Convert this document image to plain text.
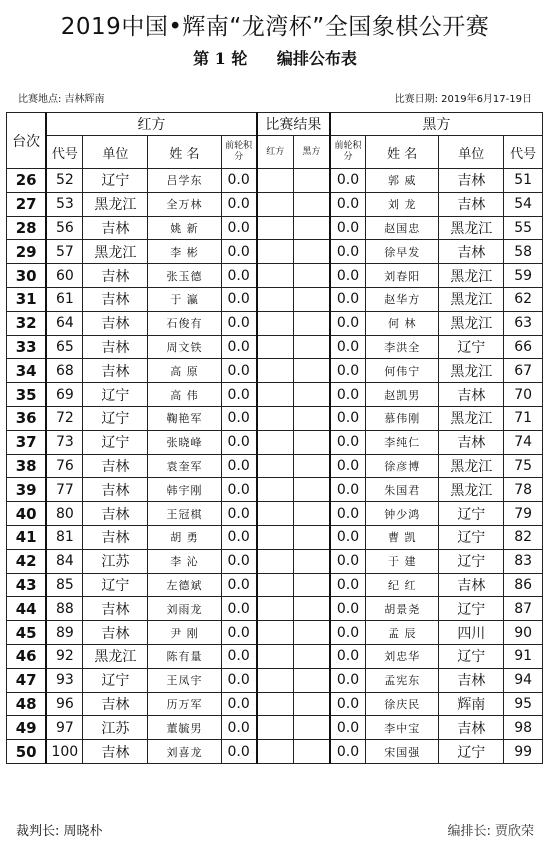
2019中国•辉南“龙湾杯”全国象棋公开赛
第 1 轮 编排公布表
比赛地点: 吉林辉南	比赛日期: 2019年6月17-19日
台次	红方				比赛结果		黑方			
	代号	单位	姓 名	前轮积分	红方	黑方	前轮积分	姓 名	单位	代号
26	52	辽宁	吕学东	0.0			0.0	郭 威	吉林	51
27	53	黑龙江	全万林	0.0			0.0	刘 龙	吉林	54
28	56	吉林	姚 新	0.0			0.0	赵国忠	黑龙江	55
29	57	黑龙江	李 彬	0.0			0.0	徐早发	吉林	58
30	60	吉林	张玉德	0.0			0.0	刘春阳	黑龙江	59
31	61	吉林	于 瀛	0.0			0.0	赵华方	黑龙江	62
32	64	吉林	石俊有	0.0			0.0	何 林	黑龙江	63
33	65	吉林	周文铁	0.0			0.0	李洪全	辽宁	66
34	68	吉林	高 原	0.0			0.0	何伟宁	黑龙江	67
35	69	辽宁	高 伟	0.0			0.0	赵凯男	吉林	70
36	72	辽宁	鞠艳军	0.0			0.0	慕伟刚	黑龙江	71
37	73	辽宁	张晓峰	0.0			0.0	李纯仁	吉林	74
38	76	吉林	袁奎军	0.0			0.0	徐彦博	黑龙江	75
39	77	吉林	韩宇刚	0.0			0.0	朱国君	黑龙江	78
40	80	吉林	王冠棋	0.0			0.0	钟少鸿	辽宁	79
41	81	吉林	胡 勇	0.0			0.0	曹 凯	辽宁	82
42	84	江苏	李 沁	0.0			0.0	于 建	辽宁	83
43	85	辽宁	左德斌	0.0			0.0	纪 红	吉林	86
44	88	吉林	刘雨龙	0.0			0.0	胡景尧	辽宁	87
45	89	吉林	尹 刚	0.0			0.0	孟 辰	四川	90
46	92	黑龙江	陈有量	0.0			0.0	刘忠华	辽宁	91
47	93	辽宁	王凤宇	0.0			0.0	孟宪东	吉林	94
48	96	吉林	历万军	0.0			0.0	徐庆民	辉南	95
49	97	江苏	董毓男	0.0			0.0	李中宝	吉林	98
50	100	吉林	刘喜龙	0.0			0.0	宋国强	辽宁	99
裁判长: 周晓朴	编排长: 贾欣荣
